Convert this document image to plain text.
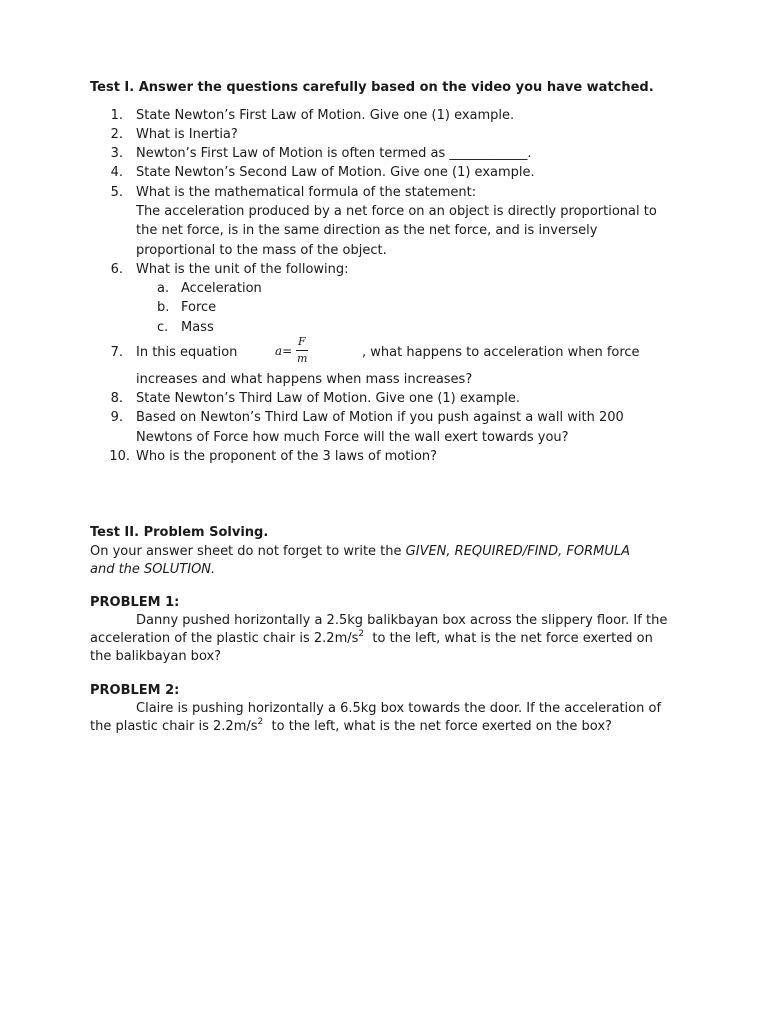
Test I. Answer the questions carefully based on the video you have watched.
1. State Newton’s First Law of Motion. Give one (1) example.
2. What is Inertia?
3. Newton’s First Law of Motion is often termed as ____________.
4. State Newton’s Second Law of Motion. Give one (1) example.
5. What is the mathematical formula of the statement:
The acceleration produced by a net force on an object is directly proportional to
the net force, is in the same direction as the net force, and is inversely
proportional to the mass of the object.
6. What is the unit of the following:
a. Acceleration
b. Force
c. Mass
7. In this equation	a=
F
m	, what happens to acceleration when force
increases and what happens when mass increases?
8. State Newton’s Third Law of Motion. Give one (1) example.
9. Based on Newton’s Third Law of Motion if you push against a wall with 200
Newtons of Force how much Force will the wall exert towards you?
10. Who is the proponent of the 3 laws of motion?
Test II. Problem Solving.
On your answer sheet do not forget to write the GIVEN, REQUIRED/FIND, FORMULA
and the SOLUTION.
PROBLEM 1:
Danny pushed horizontally a 2.5kg balikbayan box across the slippery floor. If the
acceleration of the plastic chair is $2.2m/s^2$  to the left, what is the net force exerted on
the balikbayan box?
PROBLEM 2:
Claire is pushing horizontally a 6.5kg box towards the door. If the acceleration of
the plastic chair is $2.2m/s^2$  to the left, what is the net force exerted on the box?
